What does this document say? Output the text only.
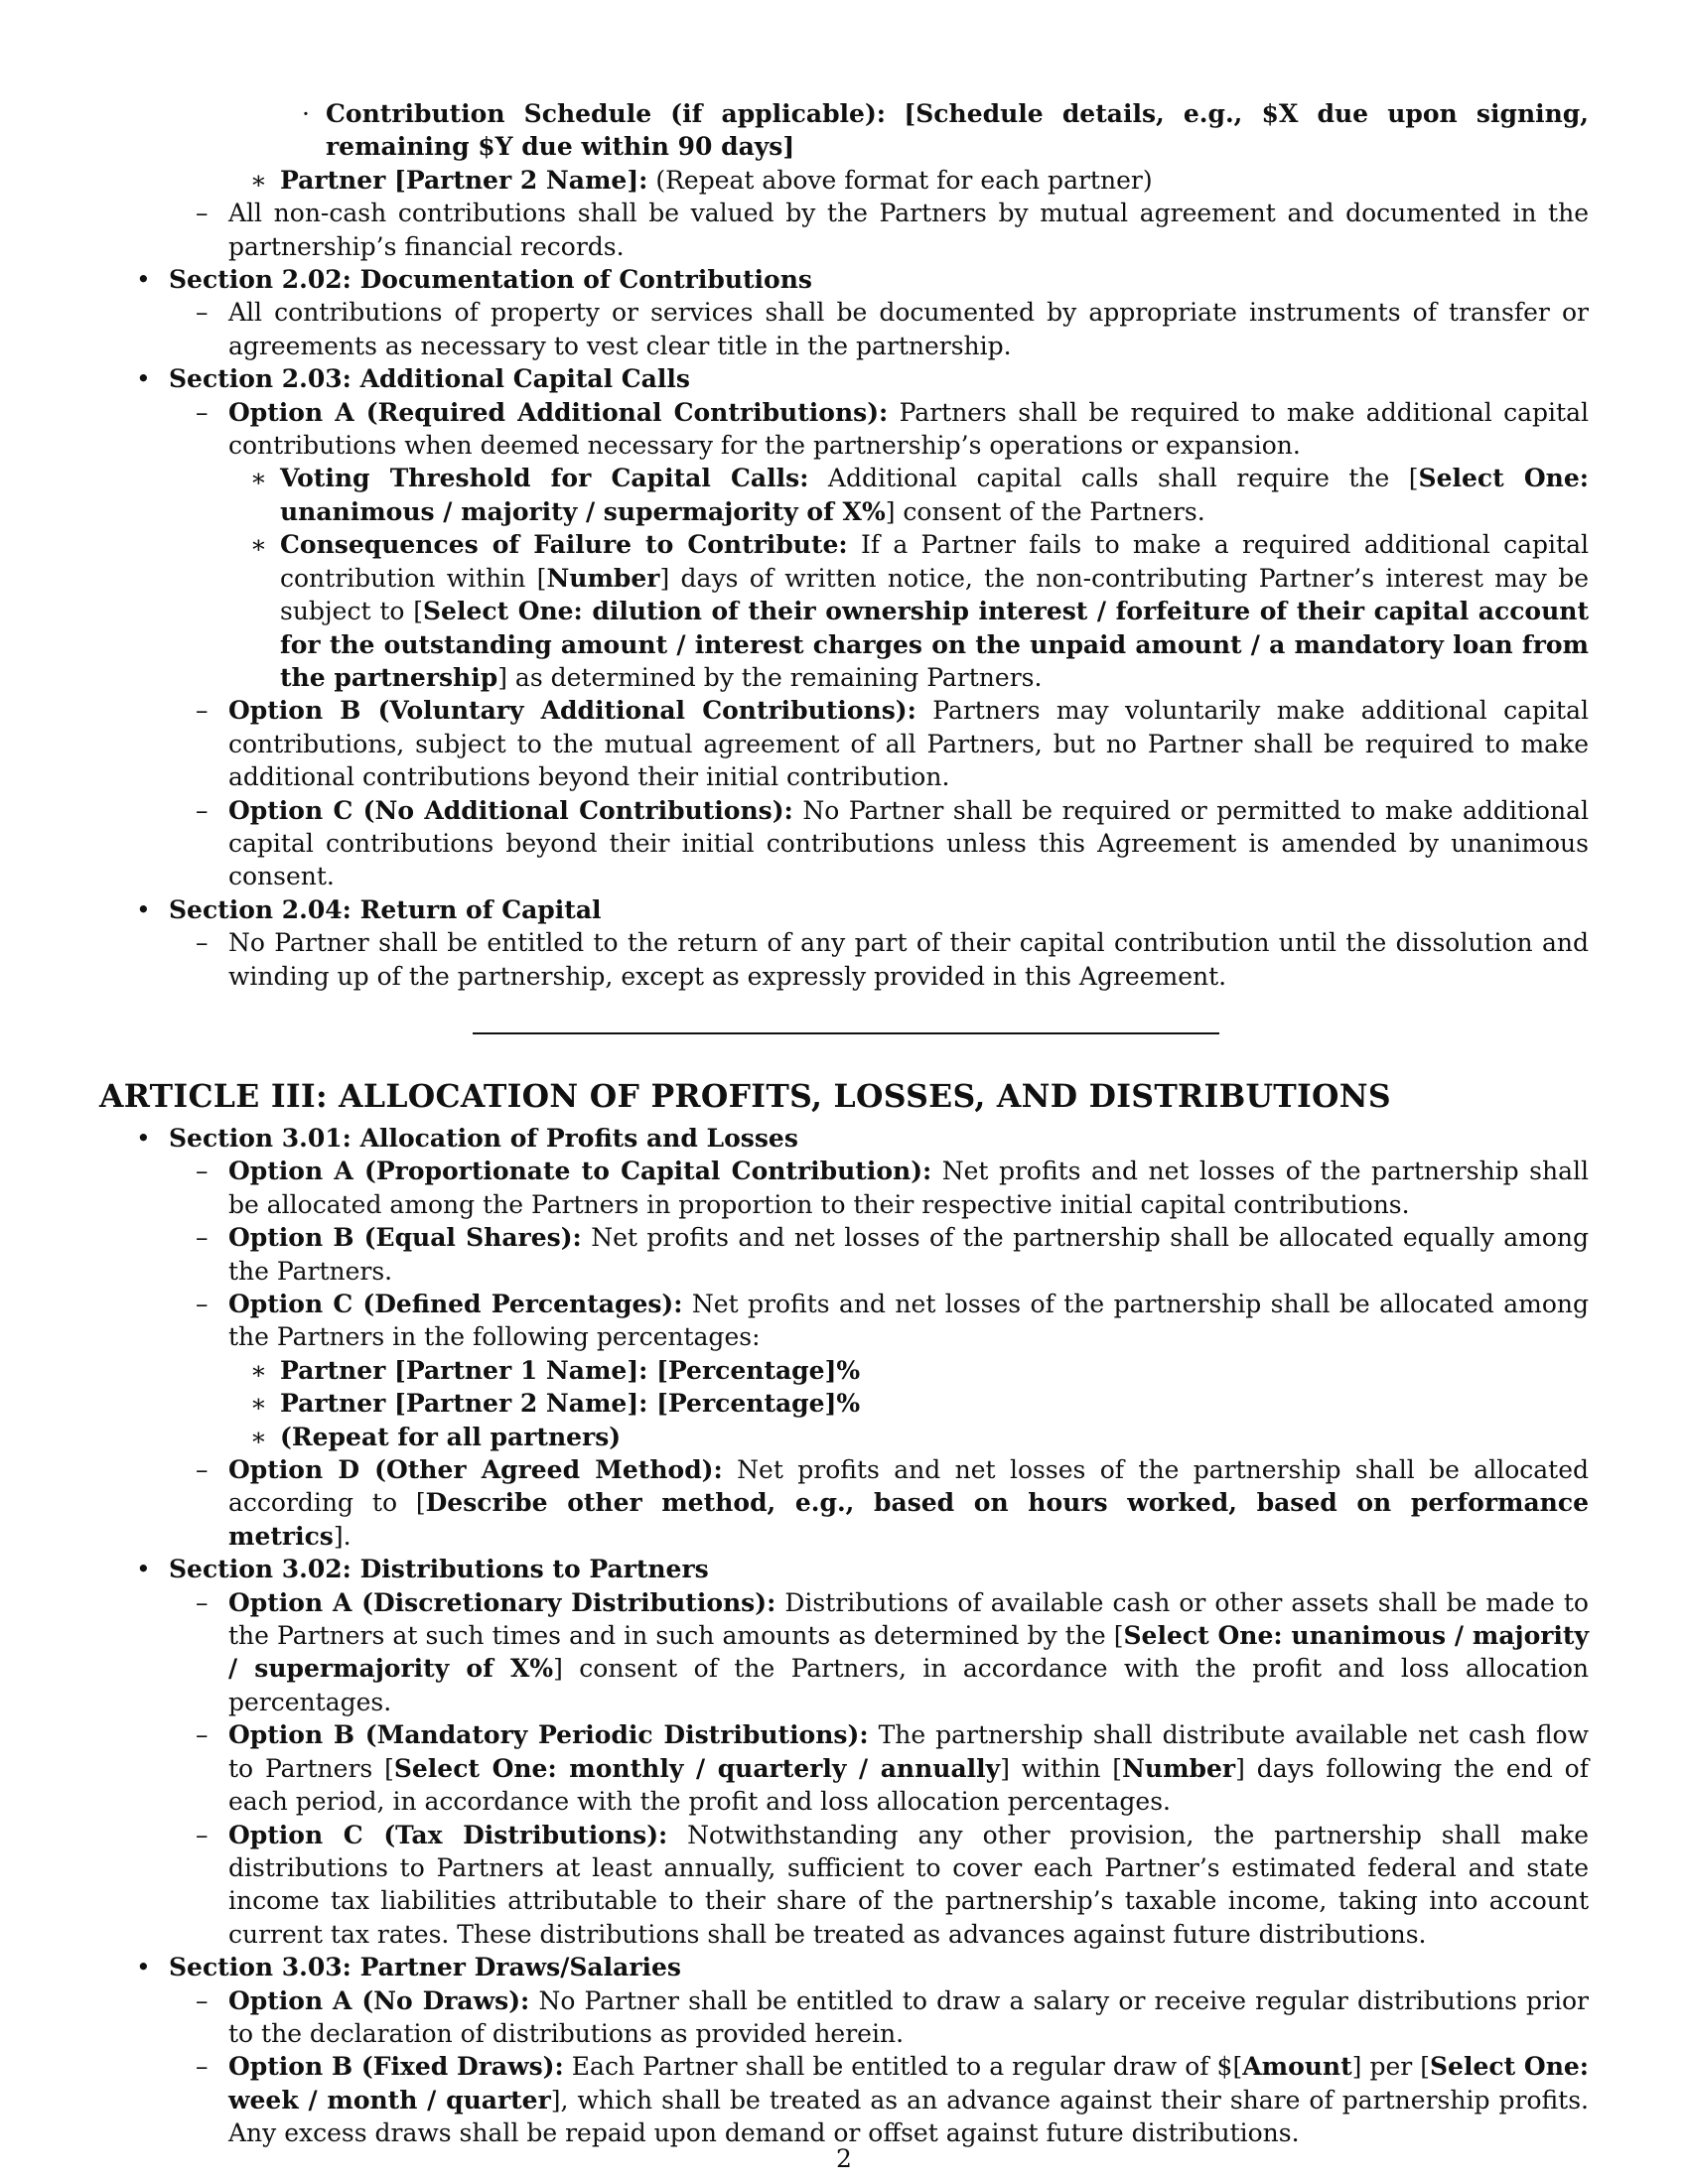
· Contribution Schedule (if applicable): [Schedule details, e.g., $X due upon signing, remaining $Y due within 90 days]
∗ Partner [Partner 2 Name]: (Repeat above format for each partner)
– All non-cash contributions shall be valued by the Partners by mutual agreement and documented in the partnership’s financial records.
• Section 2.02: Documentation of Contributions
– All contributions of property or services shall be documented by appropriate instruments of transfer or agreements as necessary to vest clear title in the partnership.
• Section 2.03: Additional Capital Calls
– Option A (Required Additional Contributions): Partners shall be required to make additional capital contributions when deemed necessary for the partnership’s operations or expansion.
∗ Voting Threshold for Capital Calls: Additional capital calls shall require the [Select One: unanimous / majority / supermajority of X%] consent of the Partners.
∗ Consequences of Failure to Contribute: If a Partner fails to make a required additional capital contribution within [Number] days of written notice, the non-contributing Partner’s interest may be subject to [Select One: dilution of their ownership interest / forfeiture of their capital account for the outstanding amount / interest charges on the unpaid amount / a mandatory loan from the partnership] as determined by the remaining Partners.
– Option B (Voluntary Additional Contributions): Partners may voluntarily make additional capital contributions, subject to the mutual agreement of all Partners, but no Partner shall be required to make additional contributions beyond their initial contribution.
– Option C (No Additional Contributions): No Partner shall be required or permitted to make additional capital contributions beyond their initial contributions unless this Agreement is amended by unanimous consent.
• Section 2.04: Return of Capital
– No Partner shall be entitled to the return of any part of their capital contribution until the dissolution and winding up of the partnership, except as expressly provided in this Agreement.
ARTICLE III: ALLOCATION OF PROFITS, LOSSES, AND DISTRIBUTIONS
• Section 3.01: Allocation of Profits and Losses
– Option A (Proportionate to Capital Contribution): Net profits and net losses of the partnership shall be allocated among the Partners in proportion to their respective initial capital contributions.
– Option B (Equal Shares): Net profits and net losses of the partnership shall be allocated equally among the Partners.
– Option C (Defined Percentages): Net profits and net losses of the partnership shall be allocated among the Partners in the following percentages:
∗ Partner [Partner 1 Name]: [Percentage]%
∗ Partner [Partner 2 Name]: [Percentage]%
∗ (Repeat for all partners)
– Option D (Other Agreed Method): Net profits and net losses of the partnership shall be allocated according to [Describe other method, e.g., based on hours worked, based on performance metrics].
• Section 3.02: Distributions to Partners
– Option A (Discretionary Distributions): Distributions of available cash or other assets shall be made to the Partners at such times and in such amounts as determined by the [Select One: unanimous / majority / supermajority of X%] consent of the Partners, in accordance with the profit and loss allocation percentages.
– Option B (Mandatory Periodic Distributions): The partnership shall distribute available net cash flow to Partners [Select One: monthly / quarterly / annually] within [Number] days following the end of each period, in accordance with the profit and loss allocation percentages.
– Option C (Tax Distributions): Notwithstanding any other provision, the partnership shall make distributions to Partners at least annually, sufficient to cover each Partner’s estimated federal and state income tax liabilities attributable to their share of the partnership’s taxable income, taking into account current tax rates. These distributions shall be treated as advances against future distributions.
• Section 3.03: Partner Draws/Salaries
– Option A (No Draws): No Partner shall be entitled to draw a salary or receive regular distributions prior to the declaration of distributions as provided herein.
– Option B (Fixed Draws): Each Partner shall be entitled to a regular draw of $[Amount] per [Select One: week / month / quarter], which shall be treated as an advance against their share of partnership profits. Any excess draws shall be repaid upon demand or offset against future distributions.
2
